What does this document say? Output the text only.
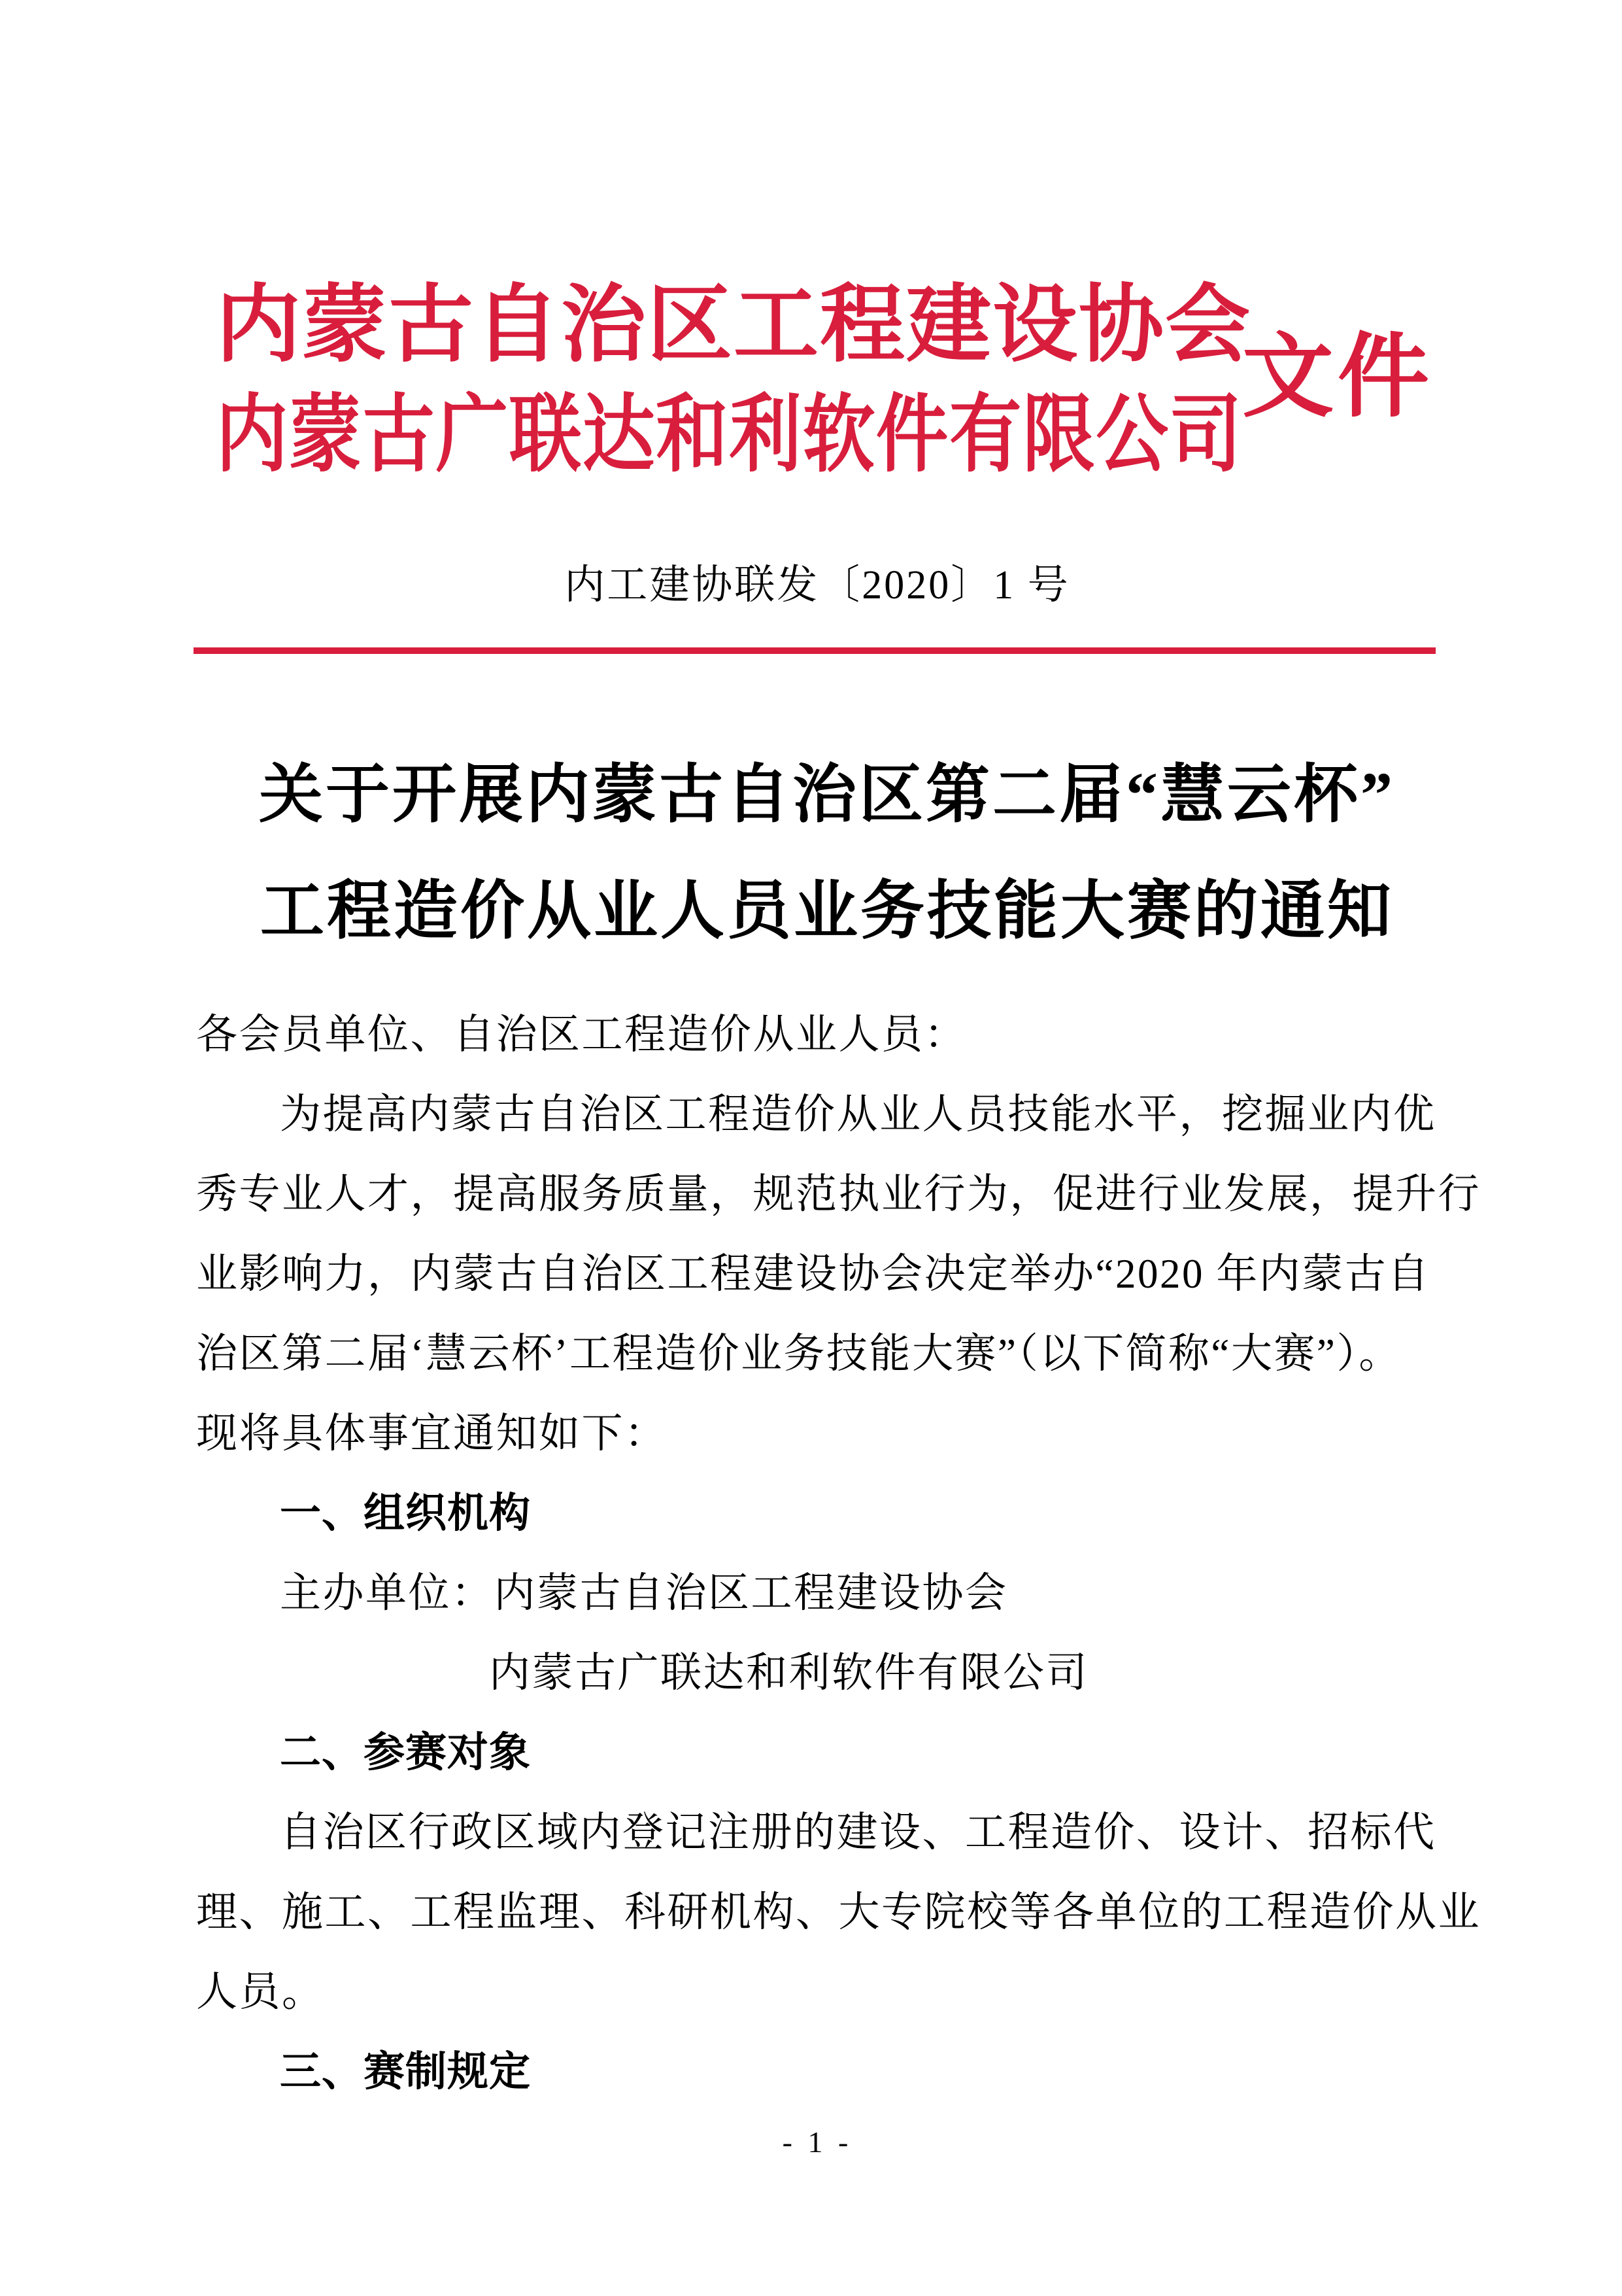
内蒙古自治区工程建设协会
内蒙古广联达和利软件有限公司
文件
内工建协联发〔2020〕1 号
关于开展内蒙古自治区第二届“慧云杯”
工程造价从业人员业务技能大赛的通知
各会员单位、自治区工程造价从业人员：
为提高内蒙古自治区工程造价从业人员技能水平，挖掘业内优
秀专业人才，提高服务质量，规范执业行为，促进行业发展，提升行
业影响力，内蒙古自治区工程建设协会决定举办“2020 年内蒙古自
治区第二届‘慧云杯’工程造价业务技能大赛”（以下简称“大赛”）。
现将具体事宜通知如下：
一、组织机构
主办单位：内蒙古自治区工程建设协会
内蒙古广联达和利软件有限公司
二、参赛对象
自治区行政区域内登记注册的建设、工程造价、设计、招标代
理、施工、工程监理、科研机构、大专院校等各单位的工程造价从业
人员。
三、赛制规定
- 1 -
